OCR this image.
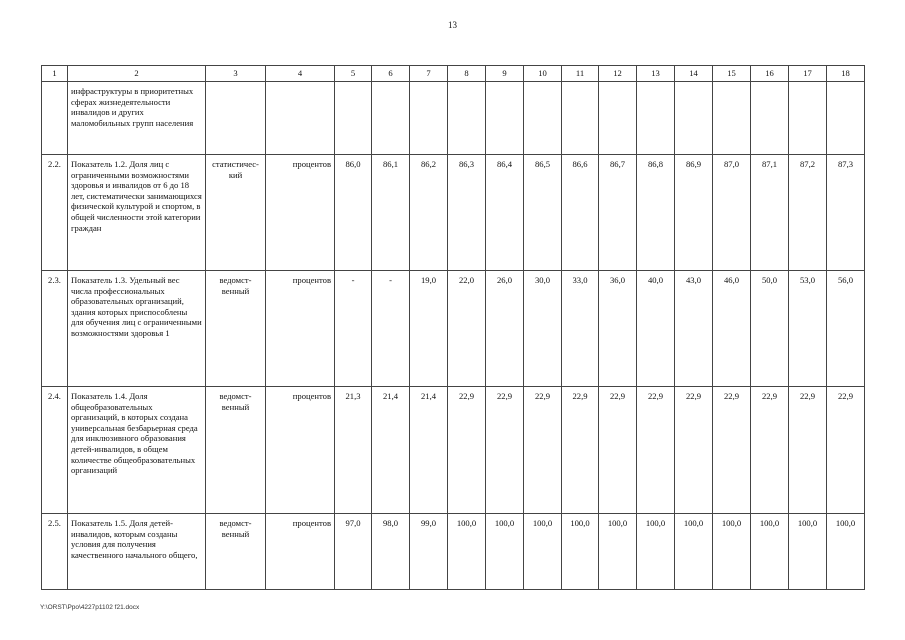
13
1	2	3	4	5	6	7	8	9	10	11	12	13	14	15	16	17	18
	инфраструктуры в приоритетных сферах жизнедеятельности инвалидов и других маломобильных групп населения																
2.2.	Показатель 1.2. Доля лиц с ограниченными возможностями здоровья и инвалидов от 6 до 18 лет, систематически занимающихся физической культурой и спортом, в общей численности этой категории граждан	статистичес-кий	процентов	86,0	86,1	86,2	86,3	86,4	86,5	86,6	86,7	86,8	86,9	87,0	87,1	87,2	87,3
2.3.	Показатель 1.3. Удельный вес числа профессиональных образовательных организаций, здания которых приспособлены для обучения лиц с ограниченными возможностями здоровья 1	ведомст-венный	процентов	-	-	19,0	22,0	26,0	30,0	33,0	36,0	40,0	43,0	46,0	50,0	53,0	56,0
2.4.	Показатель 1.4. Доля общеобразовательных организаций, в которых создана универсальная безбарьерная среда для инклюзивного образования детей-инвалидов, в общем количестве общеобразовательных организаций	ведомст-венный	процентов	21,3	21,4	21,4	22,9	22,9	22,9	22,9	22,9	22,9	22,9	22,9	22,9	22,9	22,9
2.5.	Показатель 1.5. Доля детей-инвалидов, которым созданы условия для получения качественного начального общего,	ведомст-венный	процентов	97,0	98,0	99,0	100,0	100,0	100,0	100,0	100,0	100,0	100,0	100,0	100,0	100,0	100,0
Y:\ORST\Ppo\4227p1102 f21.docx
